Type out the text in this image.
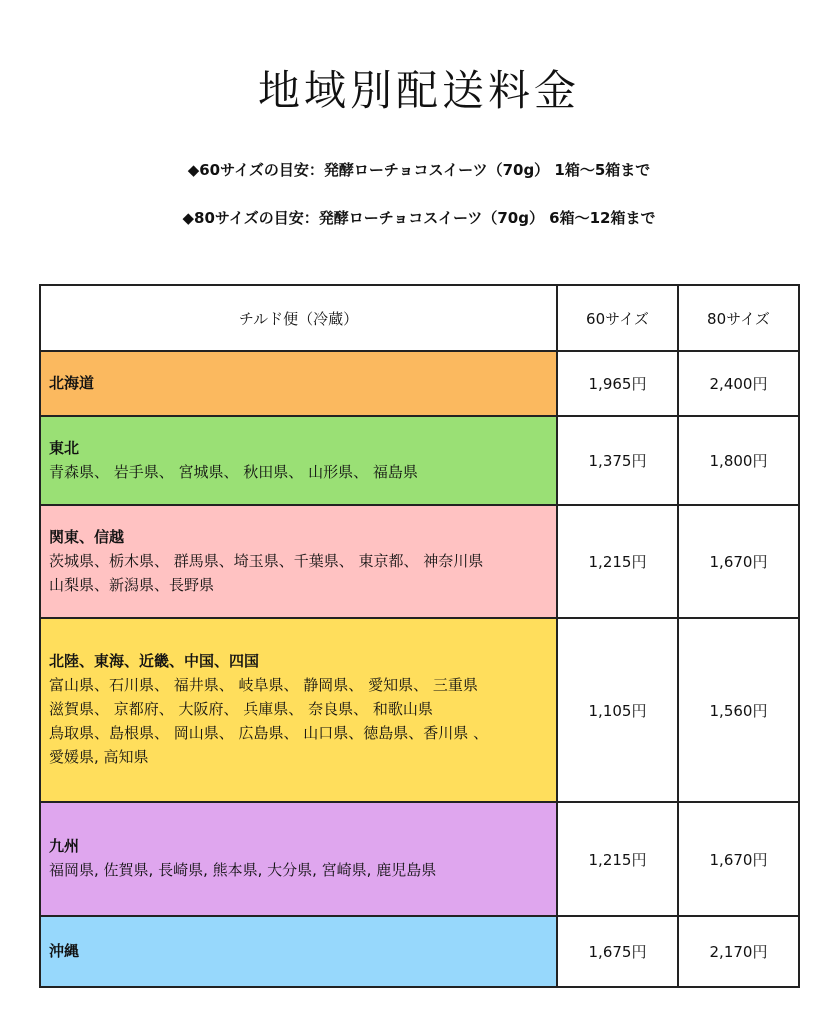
地域別配送料金
◆60サイズの目安：発酵ローチョコスイーツ（70g） 1箱〜5箱まで
◆80サイズの目安：発酵ローチョコスイーツ（70g） 6箱〜12箱まで
チルド便（冷蔵）	60サイズ	80サイズ

北海道	1,965円	2,400円

東北
青森県、 岩手県、 宮城県、 秋田県、 山形県、 福島県	1,375円	1,800円

関東、信越
茨城県、栃木県、 群馬県、埼玉県、千葉県、 東京都、 神奈川県
山梨県、新潟県、長野県	1,215円	1,670円

北陸、東海、近畿、中国、四国
富山県、石川県、 福井県、 岐阜県、 静岡県、 愛知県、 三重県
滋賀県、 京都府、 大阪府、 兵庫県、 奈良県、 和歌山県
鳥取県、島根県、 岡山県、 広島県、 山口県、徳島県、香川県 、
愛媛県, 高知県	1,105円	1,560円

九州
福岡県, 佐賀県, 長崎県, 熊本県, 大分県, 宮崎県, 鹿児島県	1,215円	1,670円

沖縄	1,675円	2,170円
